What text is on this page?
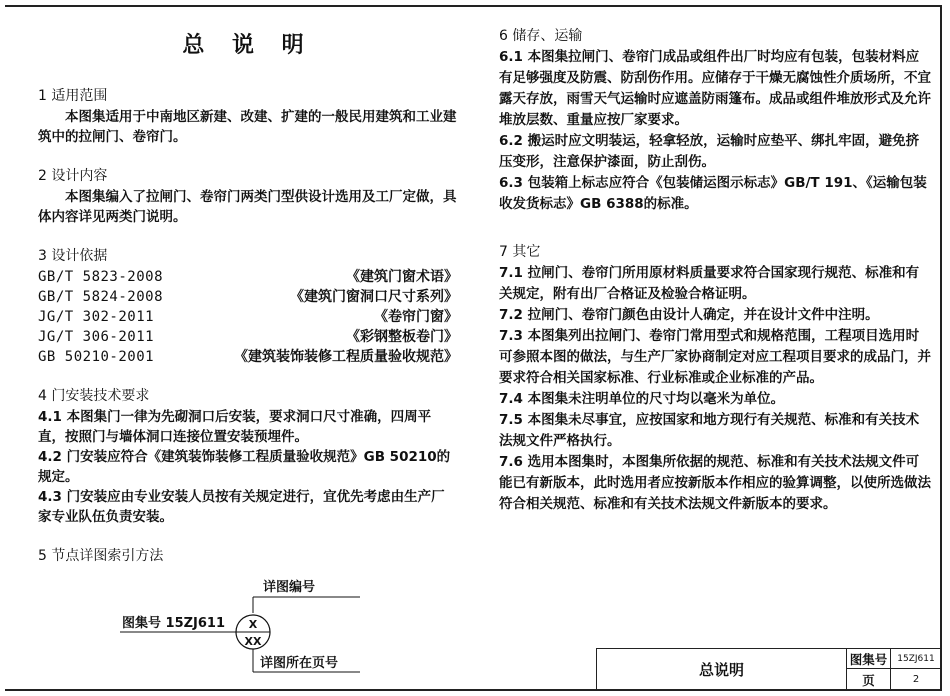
总 说 明
1 适用范围

本图集适用于中南地区新建、改建、扩建的一般民用建筑和工业建筑中的拉闸门、卷帘门。

2 设计内容

本图集编入了拉闸门、卷帘门两类门型供设计选用及工厂定做，具体内容详见两类门说明。

3 设计依据
GB/T 5823-2008	《建筑门窗术语》
GB/T 5824-2008	《建筑门窗洞口尺寸系列》
JG/T 302-2011	《卷帘门窗》
JG/T 306-2011	《彩钢整板卷门》
GB 50210-2001	《建筑装饰装修工程质量验收规范》
4 门安装技术要求

4.1 本图集门一律为先砌洞口后安装，要求洞口尺寸准确，四周平直，按照门与墙体洞口连接位置安装预埋件。

4.2 门安装应符合《建筑装饰装修工程质量验收规范》GB 50210的规定。

4.3 门安装应由专业安装人员按有关规定进行，宜优先考虑由生产厂家专业队伍负责安装。

5 节点详图索引方法
详图编号
图集号 15ZJ611 X
XX
详图所在页号
6 储存、运输

6.1 本图集拉闸门、卷帘门成品或组件出厂时均应有包装，包装材料应有足够强度及防震、防刮伤作用。应储存于干燥无腐蚀性介质场所，不宜露天存放，雨雪天气运输时应遮盖防雨篷布。成品或组件堆放形式及允许堆放层数、重量应按厂家要求。

6.2 搬运时应文明装运，轻拿轻放，运输时应垫平、绑扎牢固，避免挤压变形，注意保护漆面，防止刮伤。

6.3 包装箱上标志应符合《包装储运图示标志》GB/T 191、《运输包装收发货标志》GB 6388的标准。

7 其它

7.1 拉闸门、卷帘门所用原材料质量要求符合国家现行规范、标准和有关规定，附有出厂合格证及检验合格证明。

7.2 拉闸门、卷帘门颜色由设计人确定，并在设计文件中注明。

7.3 本图集列出拉闸门、卷帘门常用型式和规格范围，工程项目选用时可参照本图的做法，与生产厂家协商制定对应工程项目要求的成品门，并要求符合相关国家标准、行业标准或企业标准的产品。

7.4 本图集未注明单位的尺寸均以毫米为单位。

7.5 本图集未尽事宜，应按国家和地方现行有关规范、标准和有关技术法规文件严格执行。

7.6 选用本图集时，本图集所依据的规范、标准和有关技术法规文件可能已有新版本，此时选用者应按新版本作相应的验算调整，以使所选做法符合相关规范、标准和有关技术法规文件新版本的要求。

总说明
图集号	15ZJ611
页	2
